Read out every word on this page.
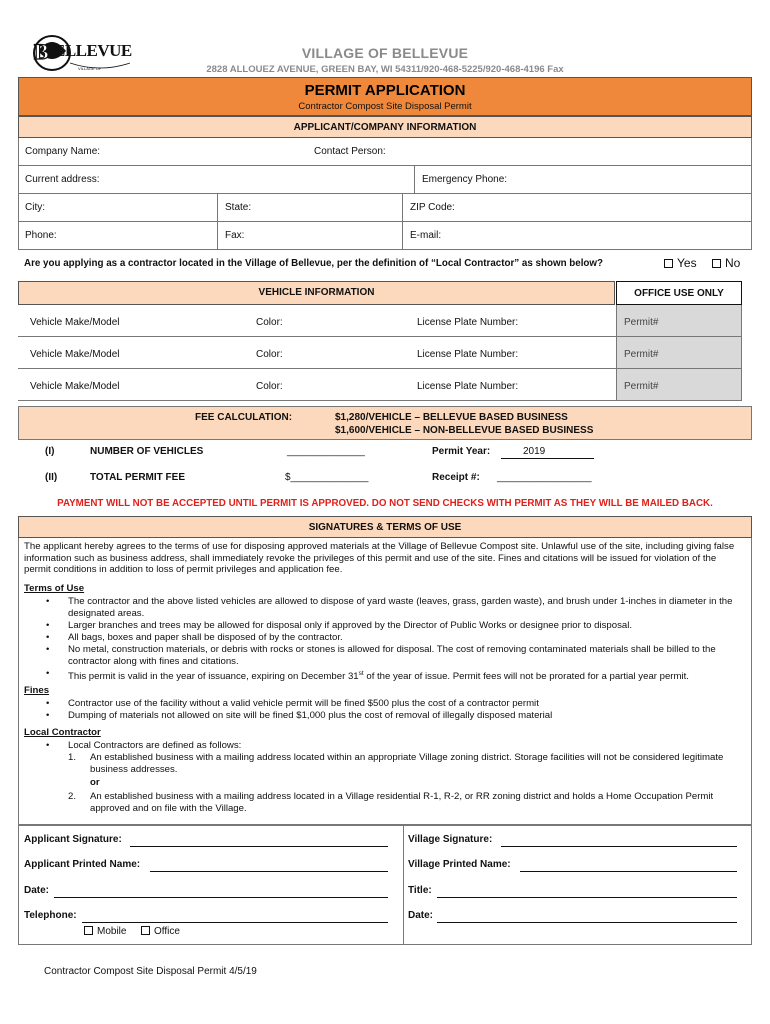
B ELLEVUE
VILLAGE OF
VILLAGE OF BELLEVUE
2828 ALLOUEZ AVENUE, GREEN BAY, WI 54311/920-468-5225/920-468-4196 Fax
PERMIT APPLICATION
Contractor Compost Site Disposal Permit
APPLICANT/COMPANY INFORMATION
Company Name:	Contact Person:
Current address:	Emergency Phone:
City:	State:	ZIP Code:
Phone:	Fax:	E-mail:
Are you applying as a contractor located in the Village of Bellevue, per the definition of “Local Contractor” as shown below?	Yes	No
VEHICLE INFORMATION	OFFICE USE ONLY
Vehicle Make/Model	Color:	License Plate Number:	Permit#
Vehicle Make/Model	Color:	License Plate Number:	Permit#
Vehicle Make/Model	Color:	License Plate Number:	Permit#
FEE CALCULATION:	$1,280/VEHICLE – BELLEVUE BASED BUSINESS
$1,600/VEHICLE – NON-BELLEVUE BASED BUSINESS
(I)	NUMBER OF VEHICLES	______________	Permit Year:	2019
(II)	TOTAL PERMIT FEE	$______________	Receipt #: _________________
PAYMENT WILL NOT BE ACCEPTED UNTIL PERMIT IS APPROVED. DO NOT SEND CHECKS WITH PERMIT AS THEY WILL BE MAILED BACK.
SIGNATURES & TERMS OF USE
The applicant hereby agrees to the terms of use for disposing approved materials at the Village of Bellevue Compost site. Unlawful use of the site, including giving false information such as business address, shall immediately revoke the privileges of this permit and use of the site. Fines and citations will be issued for violation of the permit conditions in addition to loss of permit privileges and application fee.
Terms of Use
• The contractor and the above listed vehicles are allowed to dispose of yard waste (leaves, grass, garden waste), and brush under 1-inches in diameter in the designated areas.
• Larger branches and trees may be allowed for disposal only if approved by the Director of Public Works or designee prior to disposal.
• All bags, boxes and paper shall be disposed of by the contractor.
• No metal, construction materials, or debris with rocks or stones is allowed for disposal. The cost of removing contaminated materials shall be billed to the contractor along with fines and citations.
• This permit is valid in the year of issuance, expiring on December 31st of the year of issue. Permit fees will not be prorated for a partial year permit.
Fines
• Contractor use of the facility without a valid vehicle permit will be fined $500 plus the cost of a contractor permit
• Dumping of materials not allowed on site will be fined $1,000 plus the cost of removal of illegally disposed material
Local Contractor
• Local Contractors are defined as follows:
1. An established business with a mailing address located within an appropriate Village zoning district. Storage facilities will not be considered legitimate business addresses.
or
2. An established business with a mailing address located in a Village residential R-1, R-2, or RR zoning district and holds a Home Occupation Permit approved and on file with the Village.
Applicant Signature:
Applicant Printed Name:
Date:
Telephone:
Mobile	Office
Village Signature:
Village Printed Name:
Title:
Date:
Contractor Compost Site Disposal Permit 4/5/19
